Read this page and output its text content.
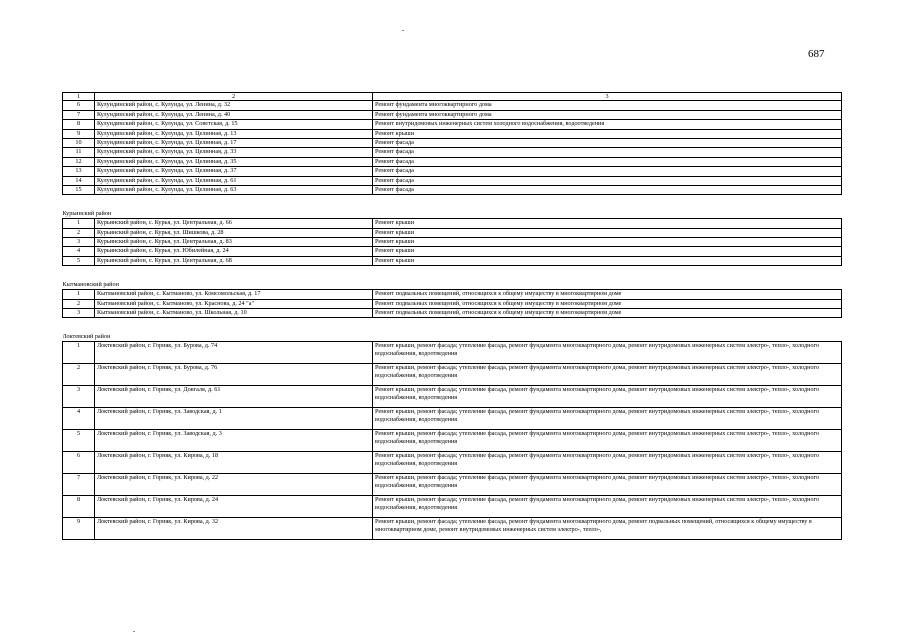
687
1	2	3
6	Кулундинский район, с. Кулунда, ул. Ленина, д. 32	Ремонт фундамента многоквартирного дома
7	Кулундинский район, с. Кулунда, ул. Ленина, д. 40	Ремонт фундамента многоквартирного дома
8	Кулундинский район, с. Кулунда, ул. Советская, д. 15	Ремонт внутридомовых инженерных систем холодного водоснабжения, водоотведения
9	Кулундинский район, с. Кулунда, ул. Целинная, д. 13	Ремонт крыши
10	Кулундинский район, с. Кулунда, ул. Целинная, д. 17	Ремонт фасада
11	Кулундинский район, с. Кулунда, ул. Целинная, д. 33	Ремонт фасада
12	Кулундинский район, с. Кулунда, ул. Целинная, д. 35	Ремонт фасада
13	Кулундинский район, с. Кулунда, ул. Целинная, д. 37	Ремонт фасада
14	Кулундинский район, с. Кулунда, ул. Целинная, д. 61	Ремонт фасада
15	Кулундинский район, с. Кулунда, ул. Целинная, д. 63	Ремонт фасада

Курьинский район		

1	Курьинский район, с. Курья, ул. Центральная, д. 66	Ремонт крыши
2	Курьинский район, с. Курья, ул. Шишкова, д. 28	Ремонт крыши
3	Курьинский район, с. Курья, ул. Центральная, д. 83	Ремонт крыши
4	Курьинский район, с. Курья, ул. Юбилейная, д. 24	Ремонт крыши
5	Курьинский район, с. Курья, ул. Центральная, д. 68	Ремонт крыши

Кытмановский район		

1	Кытмановский район, с. Кытманово, ул. Комсомольская, д. 17	Ремонт подвальных помещений, относящихся к общему имуществу в многоквартирном доме
2	Кытмановский район, с. Кытманово, ул. Краснова, д. 24 "а"	Ремонт подвальных помещений, относящихся к общему имуществу в многоквартирном доме
3	Кытмановский район, с. Кытманово, ул. Школьная, д. 10	Ремонт подвальных помещений, относящихся к общему имуществу в многоквартирном доме

Локтевский район		

1	Локтевский район, г. Горняк, ул. Бурова, д. 74	Ремонт крыши, ремонт фасада; утепление фасада, ремонт фундамента многоквартирного дома, ремонт внутридомовых инженерных систем электро-, тепло-, холодного водоснабжения, водоотведения
2	Локтевский район, г. Горняк, ул. Бурова, д. 76	Ремонт крыши, ремонт фасада; утепление фасада, ремонт фундамента многоквартирного дома, ремонт внутридомовых инженерных систем электро-, тепло-, холодного водоснабжения, водоотведения
3	Локтевский район, г. Горняк, ул. Довгаля, д. 61	Ремонт крыши, ремонт фасада; утепление фасада, ремонт фундамента многоквартирного дома, ремонт внутридомовых инженерных систем электро-, тепло-, холодного водоснабжения, водоотведения
4	Локтевский район, г. Горняк, ул. Заводская, д. 1	Ремонт крыши, ремонт фасада; утепление фасада, ремонт фундамента многоквартирного дома, ремонт внутридомовых инженерных систем электро-, тепло-, холодного водоснабжения, водоотведения
5	Локтевский район, г. Горняк, ул. Заводская, д. 3	Ремонт крыши, ремонт фасада; утепление фасада, ремонт фундамента многоквартирного дома, ремонт внутридомовых инженерных систем электро-, тепло-, холодного водоснабжения, водоотведения
6	Локтевский район, г. Горняк, ул. Кирова, д. 18	Ремонт крыши, ремонт фасада; утепление фасада, ремонт фундамента многоквартирного дома, ремонт внутридомовых инженерных систем электро-, тепло-, холодного водоснабжения, водоотведения
7	Локтевский район, г. Горняк, ул. Кирова, д. 22	Ремонт крыши, ремонт фасада; утепление фасада, ремонт фундамента многоквартирного дома, ремонт внутридомовых инженерных систем электро-, тепло-, холодного водоснабжения, водоотведения
8	Локтевский район, г. Горняк, ул. Кирова, д. 24	Ремонт крыши, ремонт фасада; утепление фасада, ремонт фундамента многоквартирного дома, ремонт внутридомовых инженерных систем электро-, тепло-, холодного водоснабжения, водоотведения
9	Локтевский район, г. Горняк, ул. Кирова, д. 32	Ремонт крыши, ремонт фасада; утепление фасада, ремонт фундамента многоквартирного дома, ремонт подвальных помещений, относящихся к общему имуществу в многоквартирном доме, ремонт внутридомовых инженерных систем электро-, тепло-,
